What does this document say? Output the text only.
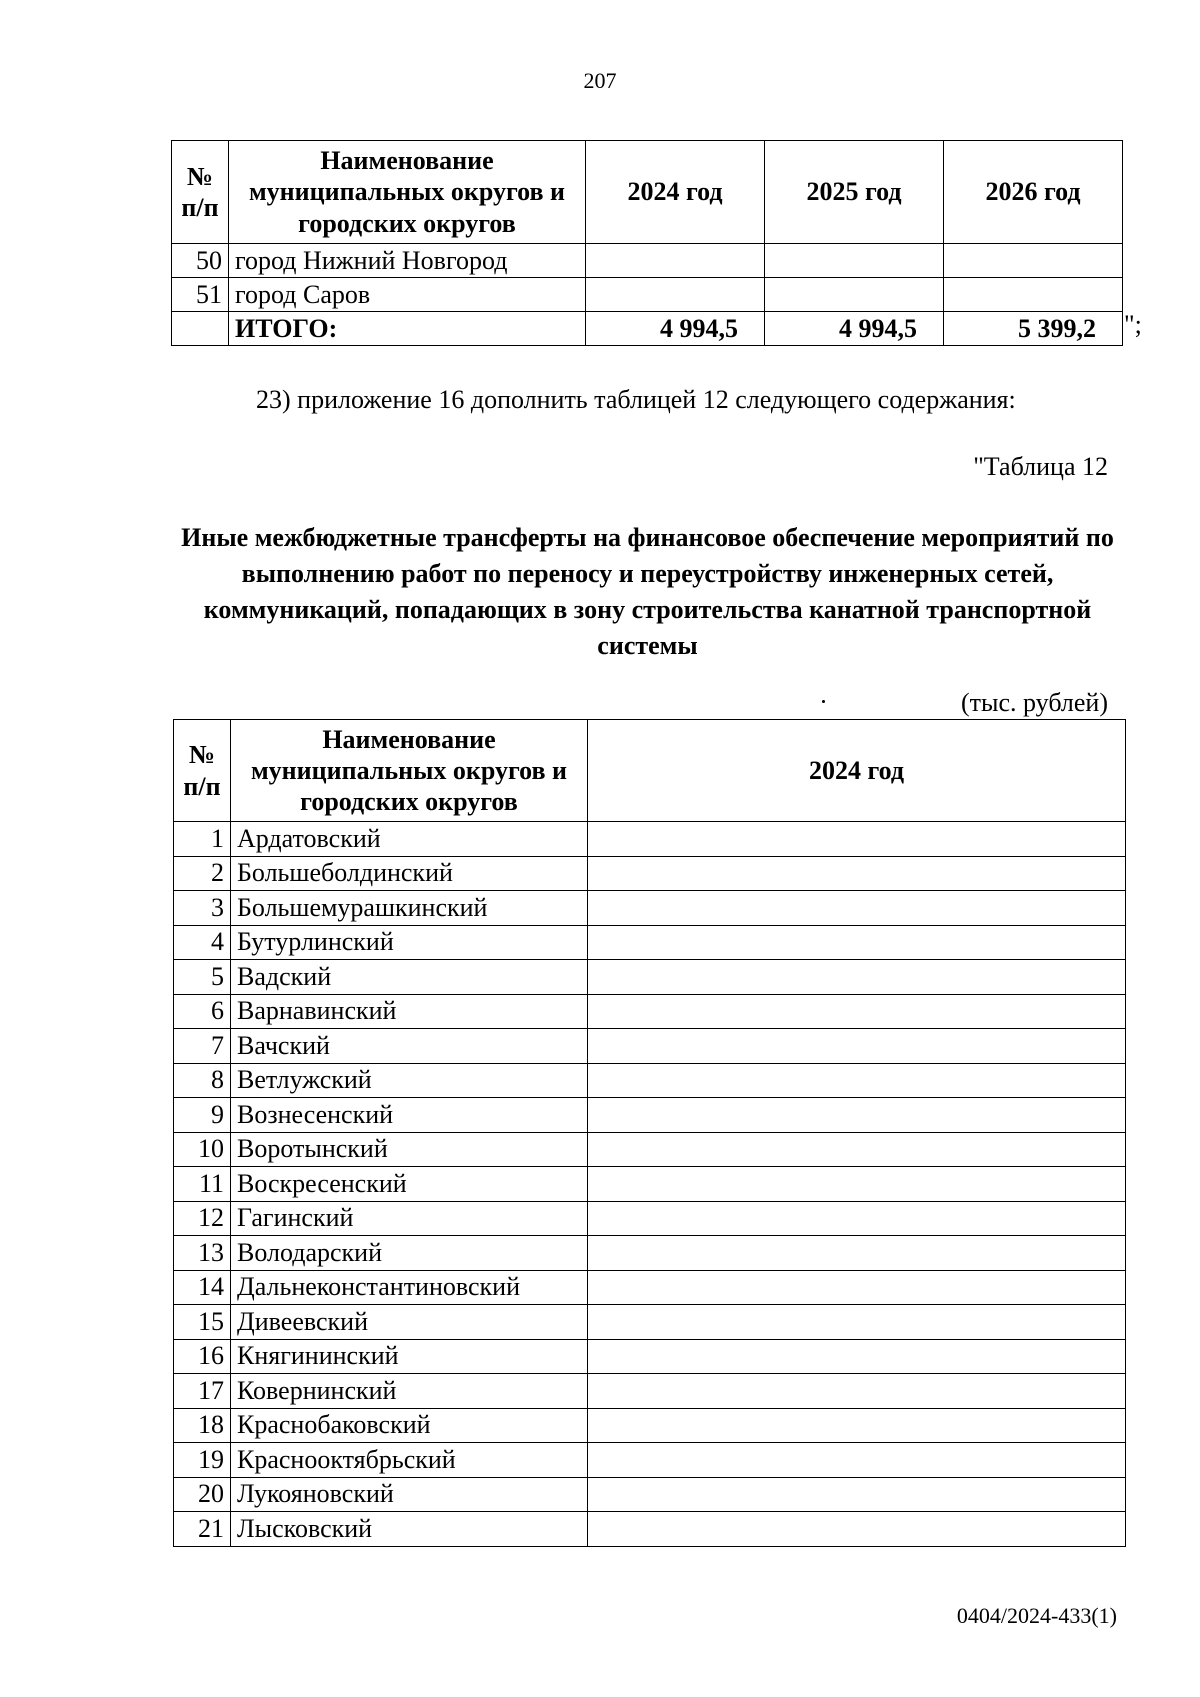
207
№ п/п	Наименование муниципальных округов и городских округов	2024 год	2025 год	2026 год
50	город Нижний Новгород			
51	город Саров			
	ИТОГО:	4 994,5	4 994,5	5 399,2 ";
23) приложение 16 дополнить таблицей 12 следующего содержания:
"Таблица 12
Иные межбюджетные трансферты на финансовое обеспечение мероприятий по выполнению работ по переносу и переустройству инженерных сетей, коммуникаций, попадающих в зону строительства канатной транспортной системы
(тыс. рублей)
№ п/п	Наименование муниципальных округов и городских округов	2024 год
1	Ардатовский	
2	Большеболдинский	
3	Большемурашкинский	
4	Бутурлинский	
5	Вадский	
6	Варнавинский	
7	Вачский	
8	Ветлужский	
9	Вознесенский	
10	Воротынский	
11	Воскресенский	
12	Гагинский	
13	Володарский	
14	Дальнеконстантиновский	
15	Дивеевский	
16	Княгининский	
17	Ковернинский	
18	Краснобаковский	
19	Краснооктябрьский	
20	Лукояновский	
21	Лысковский	
0404/2024-433(1)
